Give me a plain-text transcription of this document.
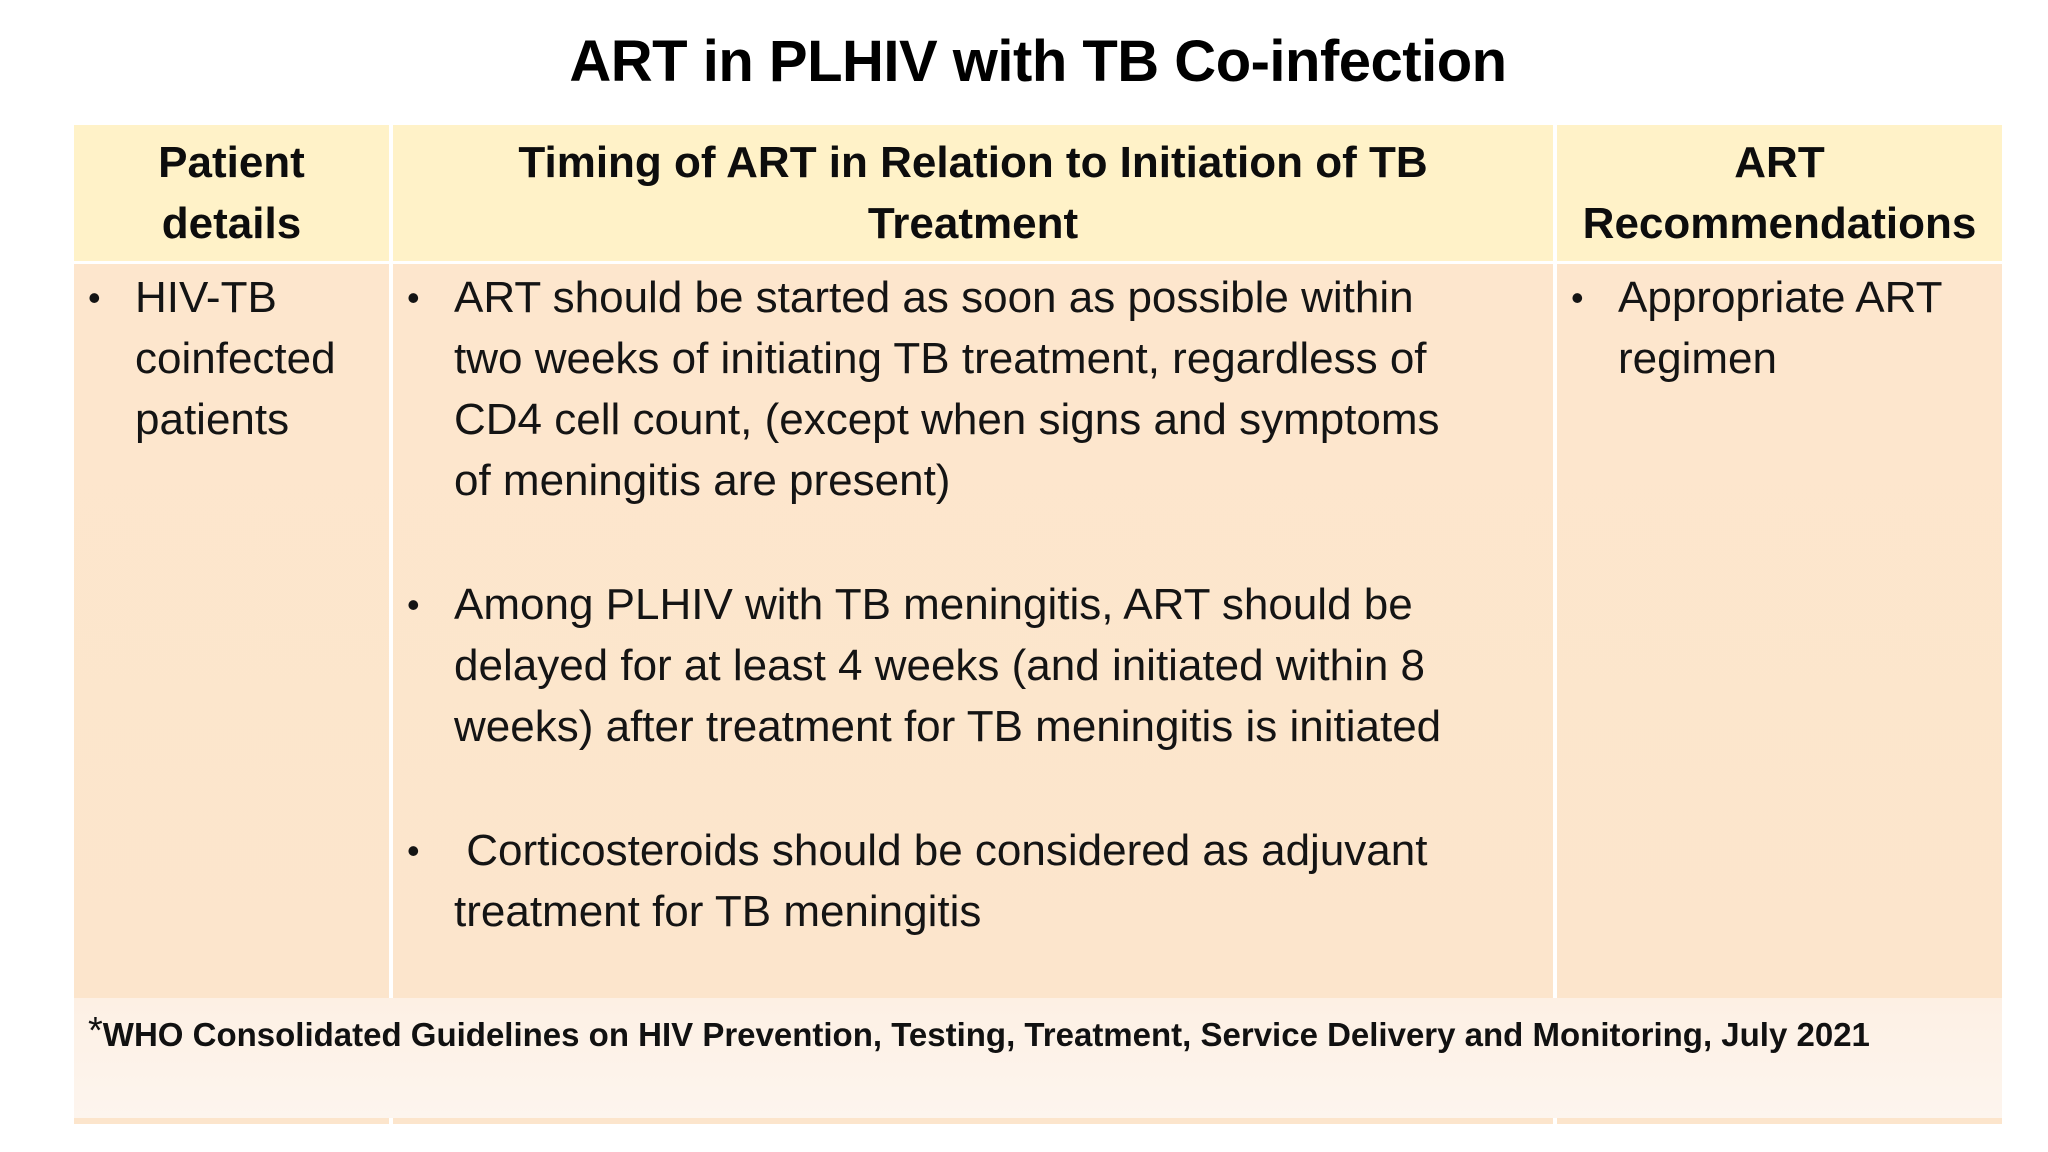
ART in PLHIV with TB Co-infection
Patient
details
Timing of ART in Relation to Initiation of TB
Treatment
ART
Recommendations
• HIV-TB
coinfected
patients
• ART should be started as soon as possible within
two weeks of initiating TB treatment, regardless of
CD4 cell count, (except when signs and symptoms
of meningitis are present)
• Among PLHIV with TB meningitis, ART should be
delayed for at least 4 weeks (and initiated within 8
weeks) after treatment for TB meningitis is initiated
• Corticosteroids should be considered as adjuvant
treatment for TB meningitis
• Appropriate ART
regimen
*WHO Consolidated Guidelines on HIV Prevention, Testing, Treatment, Service Delivery and Monitoring, July 2021
